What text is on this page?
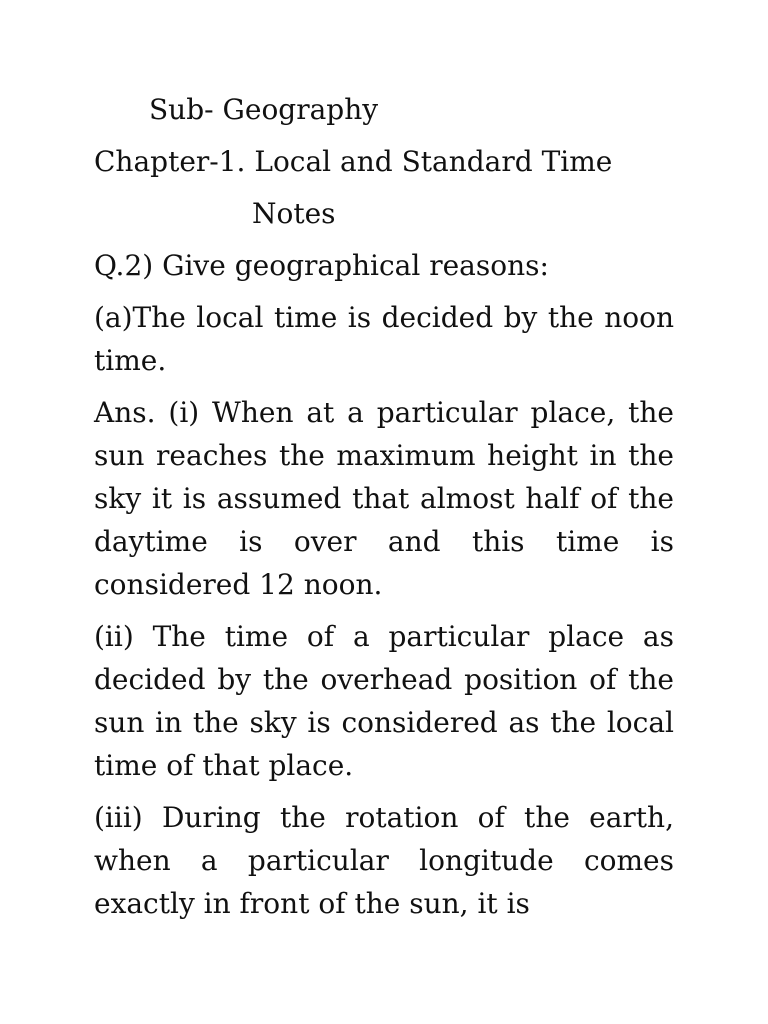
Sub- Geography
Chapter-1. Local and Standard Time
Notes
Q.2) Give geographical reasons:

(a)The local time is decided by the noon time.

Ans. (i) When at a particular place, the sun reaches the maximum height in the sky it is assumed that almost half of the daytime is over and this time is considered 12 noon.

(ii) The time of a particular place as decided by the overhead position of the sun in the sky is considered as the local time of that place.

(iii) During the rotation of the earth, when a particular longitude comes exactly in front of the sun, it is
